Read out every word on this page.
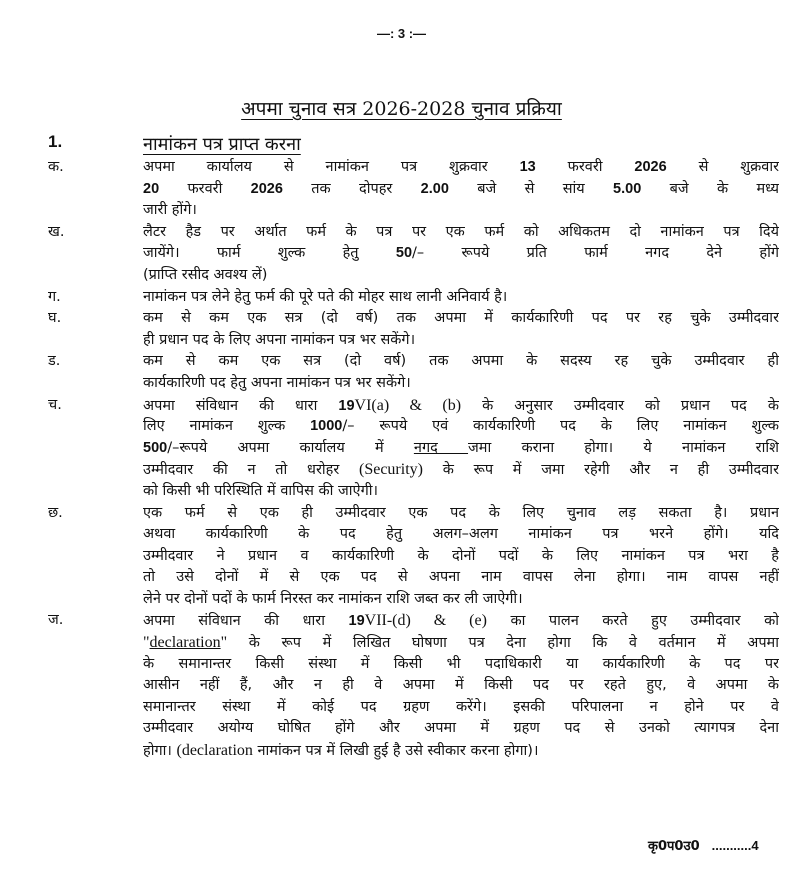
—: 3 :—
अपमा चुनाव सत्र 2026-2028 चुनाव प्रक्रिया
1.	नामांकन पत्र प्राप्त करना
क.	अपमा कार्यालय से नामांकन पत्र शुक्रवार 13 फरवरी 2026 से शुक्रवार
20 फरवरी 2026 तक दोपहर 2.00 बजे से सांय 5.00 बजे के मध्य
जारी होंगे।
ख.	लैटर हैड पर अर्थात फर्म के पत्र पर एक फर्म को अधिकतम दो नामांकन पत्र दिये
जायेंगे। फार्म शुल्क हेतु 50/– रूपये प्रति फार्म नगद देने होंगे
(प्राप्ति रसीद अवश्य लें)
ग.	नामांकन पत्र लेने हेतु फर्म की पूरे पते की मोहर साथ लानी अनिवार्य है।
घ.	कम से कम एक सत्र (दो वर्ष) तक अपमा में कार्यकारिणी पद पर रह चुके उम्मीदवार
ही प्रधान पद के लिए अपना नामांकन पत्र भर सकेंगे।
ड.	कम से कम एक सत्र (दो वर्ष) तक अपमा के सदस्य रह चुके उम्मीदवार ही
कार्यकारिणी पद हेतु अपना नामांकन पत्र भर सकेंगे।
च.	अपमा संविधान की धारा 19VI(a) & (b) के अनुसार उम्मीदवार को प्रधान पद के
लिए नामांकन शुल्क 1000/– रूपये एवं कार्यकारिणी पद के लिए नामांकन शुल्क
500/–रूपये अपमा कार्यालय में नगद जमा कराना होगा। ये नामांकन राशि
उम्मीदवार की न तो धरोहर (Security) के रूप में जमा रहेगी और न ही उम्मीदवार
को किसी भी परिस्थिति में वापिस की जाऐगी।
छ.	एक फर्म से एक ही उम्मीदवार एक पद के लिए चुनाव लड़ सकता है। प्रधान
अथवा कार्यकारिणी के पद हेतु अलग–अलग नामांकन पत्र भरने होंगे। यदि
उम्मीदवार ने प्रधान व कार्यकारिणी के दोनों पदों के लिए नामांकन पत्र भरा है
तो उसे दोनों में से एक पद से अपना नाम वापस लेना होगा। नाम वापस नहीं
लेने पर दोनों पदों के फार्म निरस्त कर नामांकन राशि जब्त कर ली जाऐगी।
ज.	अपमा संविधान की धारा 19VII-(d) & (e) का पालन करते हुए उम्मीदवार को
"declaration" के रूप में लिखित घोषणा पत्र देना होगा कि वे वर्तमान में अपमा
के समानान्तर किसी संस्था में किसी भी पदाधिकारी या कार्यकारिणी के पद पर
आसीन नहीं हैं, और न ही वे अपमा में किसी पद पर रहते हुए, वे अपमा के
समानान्तर संस्था में कोई पद ग्रहण करेंगे। इसकी परिपालना न होने पर वे
उम्मीदवार अयोग्य घोषित होंगे और अपमा में ग्रहण पद से उनको त्यागपत्र देना
होगा। (declaration नामांकन पत्र में लिखी हुई है उसे स्वीकार करना होगा)।
कृ0प0उ0 ...........4
